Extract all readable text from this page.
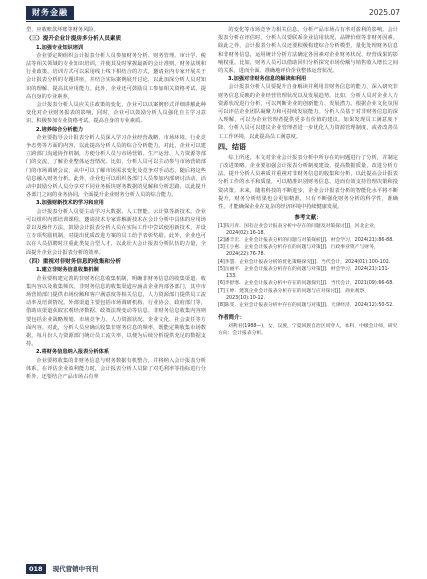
财务金融	2025.07
型，应收账款坏账等财务风险。
（三）提升企业计提房多分析人员素质
1.加强专业知识培训
企业要定期组织会计报表分析人员参加财务分析、财务管理、审计学、税法等相关领域的专业知识培训，并使其及时掌握最新的会计准则、财务法规和行业政策。培训方式可以采用线上线下相结合的方式，邀请业内专家开展关于会计报表分析的专题讲座，并结合实际案例展开讨论，以此加深分析人员对知识的理解，提高其应用能力。此外，企业还可鼓励员工参加相关资格考试，提高自身的专业素养。
会计报表分析人员应关注政策的变化，企业可以以案例形式详细讲解此种变化对企业财务报表的影响，同时，企业可以鼓励分析人员强化自主学习意识，积极参加专业资格考试，提高自身的专业素质。
2.培养综合分析能力
企业要指导会计报表分析人员深入学习企业经营战略、市场环境、行业竞争态势等方面的内容，以此提高分析人员的综合分析能力。对此，企业可以建立跨部门沟通协作机制，方便分析人员与市场营销、生产运营、人力资源等部门的交流，了解企业整体运营情况。比如，分析人员可以主动参与市场营销部门的市场调研会议，从中可以了解市场需求变化及竞争对手动态，随后将这些信息融入财务分析。此外，企业也可以组织各部门人员参加内部研讨活动，活动中鼓励分析人员分享对不同业务板块财务数据的见解和分析思路，以此提升各部门之间的业务协同，全面提升企业财务分析人员的综合能力。
3.加强财新技术的学习和应用
会计报表分析人员要主动学习大数据、人工智能、云计算等新技术。企业可以组织内部培训课程，邀请技术专家讲解新技术在会计分析中具体的应用场景以及操作方法，鼓励会计报表分析人员在实际工作中尝试使用新技术，并设立专项奖励机制，对提出优质改进方案的员工给予表彰奖励。此外，企业也可以在人员招聘时注重此类复合型人才，以此壮大会计报表分析队伍的力量，全面提升企业会计报表分析的效率。
（四）重视对非财务信息的收集和分析
1.建立非财务信息收集机制
企业要构建完善的非财务信息收集机制，明确非财务信息的收集渠道、收集内容以及收集频次。非财务信息的收集渠道应涵盖企业内部各部门，其中市场营销部门提供市场份额和客户满意度等相关信息，人力资源部门提供员工流动率及培训情况。外部渠道主要包括市场调研机构、行业协会、政府部门等，借助该渠道获取宏观经济数据、政策法规变动等信息。非财务信息收集内容则要包括企业战略规划、市场竞争力、人力资源状况、企业文化、社会责任等方面内容。对此，分析人员应确认收集非财务信息的频率，既能定期收集市场数据，每月份人力资源部门统计员工流失率，以便为后续分析提供充足的数据支持。
2.将财务信息纳入报表分析体系
企业要将收集的非财务信息与财务数据有机整合，并将纳入会计报表分析体系。在评估企业盈利能力时，会计报表分析人员除了对毛利率等指标进行分析外，还要结合产品市场占有率
的变化等市场竞争力相关信息，分析产品市场占有率对盈利的影响。会计报表分析在评估时，分析人员要联系企业信用状况，品牌价值等非财务因素。除此之外，会计报表分析人员还要积极构建综合分析模型，量化处理财务信息和非财务信息，运用统计分析方法确定各因素对企业财务状况、经营成果的影响权重。比如，财务人员可以借助回归分析探究市场份额与销售收入增长之间的关系，进而全面、准确地评价企业整体运营状况。
3.加强对非财务信息的解读和利用
会计报表分析人员要提升自身解读并利用非财务信息的能力，深入研究非财务信息反映的企业经营管理状况以及发展趋势。比如，分析人员对企业人力资源状况进行分析，可以判断企业的创新能力、发展潜力。根据企业文化氛围可以评估企业团队凝聚力和可持续发展能力。分析人员基于对非财务信息的深入理解，可以为企业管理者提供更多有价值的建议。如果发现员工满意度下降，分析人员可以建议企业管理者进一步优化人力资源管理制度，或者改善员工工作环境，以此提高员工满意度。
四、结语
综上所述，本文对企业会计报表分析中所存在的问题进行了分析，并制定了改进策略。企业要加强会计报表分析制度建设，提高数据质量，改进分析方法，提升分析人员素质并重视对非财务信息的收集和分析，以此提高会计报表分析工作的水平和质量，可以精准识别财务信息，进而有效支持管理决策和投资决策。未来，随着科技的不断进步，企业会计报表分析的智能化水平将不断提升，财务分析结果也会更加精准，只有不断强化财务分析的科学性，准确性，才能确保企业在复杂的经济环境中持续健康发展。
参考文献：
[1]钱月青．国有企业会计报表分析中存在的问题及对策探讨[J]．河北企业，2024(02):16-18.
[2]潘丰宏．企业会计报表分析的问题与对策探析[J]．财会学习，2024(21):86-88.
[3]王小惠．企业会计报表分析存在的问题与对策[J]．行政事业资产与财务，2024(22):76-78.
[4]李慧．企业会计报表分析的优化策略探究[J]．当代会计，2024(01):100-102.
[5]岳丽平．企业会计报表分析存在的问题与对策[J]．财会学习，2024(21):131-133.
[6]李舒寒．企业会计报表分析中存在的问题探究[J]．当代会计，2021(09):66-68.
[7]王婷．建筑企业会计报表分析存在的问题与应对探讨[J]．商业观察，2023(10):10-12.
[8]陈雯．企业会计报表分析中存在的问题与对策[J]．天津经济，2024(12):50-52.
作者简介：
刘利君(1988—)，女，汉族，宁夏回族自治区同穿人，本科，中级会计师，研究方向：会计报表分析。
018 现代营销中刊刊
